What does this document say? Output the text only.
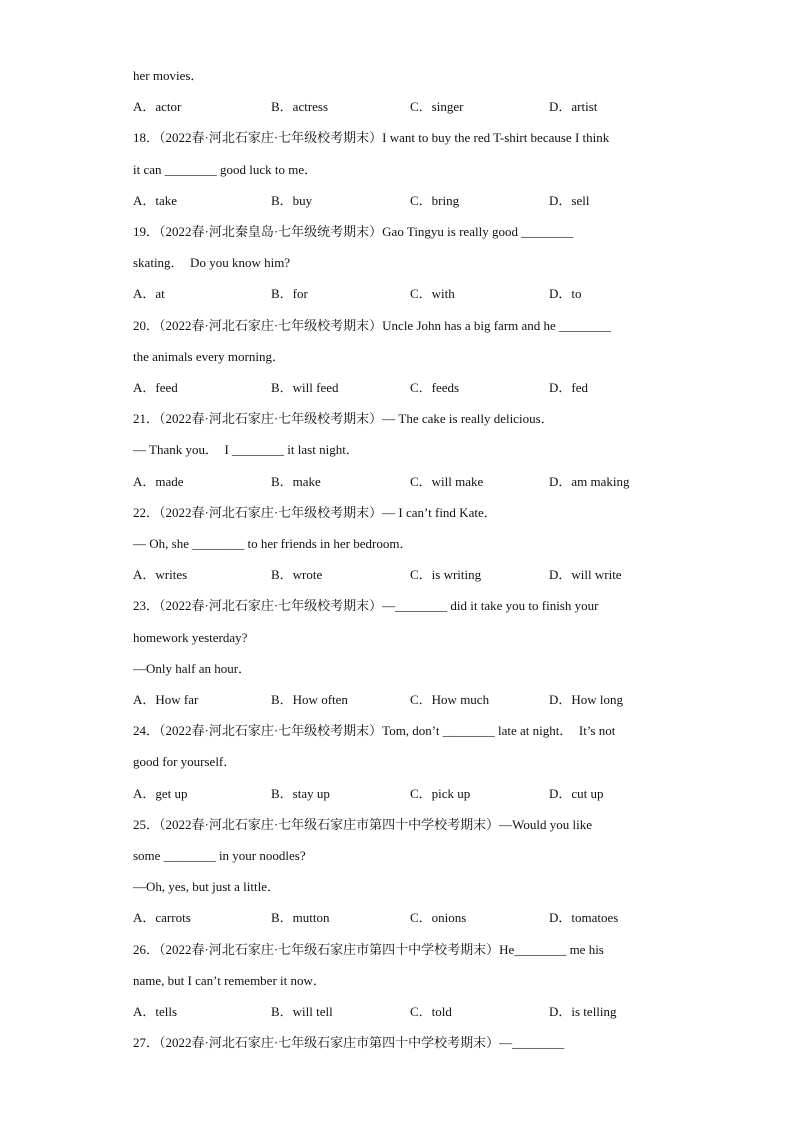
her movies．
A．actor	B．actress	C．singer	D．artist
18．（2022春·河北石家庄·七年级校考期末）I want to buy the red T-shirt because I think
it can ________ good luck to me．
A．take	B．buy	C．bring	D．sell
19．（2022春·河北秦皇岛·七年级统考期末）Gao Tingyu is really good ________
skating．  Do you know him?
A．at	B．for	C．with	D．to
20．（2022春·河北石家庄·七年级校考期末）Uncle John has a big farm and he ________
the animals every morning．
A．feed	B．will feed	C．feeds	D．fed
21．（2022春·河北石家庄·七年级校考期末）— The cake is really delicious．
— Thank you．  I ________ it last night．
A．made	B．make	C．will make	D．am making
22．（2022春·河北石家庄·七年级校考期末）— I can’t find Kate．
— Oh, she ________ to her friends in her bedroom．
A．writes	B．wrote	C．is writing	D．will write
23．（2022春·河北石家庄·七年级校考期末）—________ did it take you to finish your
homework yesterday?
—Only half an hour．
A．How far	B．How often	C．How much	D．How long
24．（2022春·河北石家庄·七年级校考期末）Tom, don’t ________ late at night．  It’s not
good for yourself．
A．get up	B．stay up	C．pick up	D．cut up
25．（2022春·河北石家庄·七年级石家庄市第四十中学校考期末）—Would you like
some ________ in your noodles?
—Oh, yes, but just a little．
A．carrots	B．mutton	C．onions	D．tomatoes
26．（2022春·河北石家庄·七年级石家庄市第四十中学校考期末）He________ me his
name, but I can’t remember it now．
A．tells	B．will tell	C．told	D．is telling
27．（2022春·河北石家庄·七年级石家庄市第四十中学校考期末）—________
